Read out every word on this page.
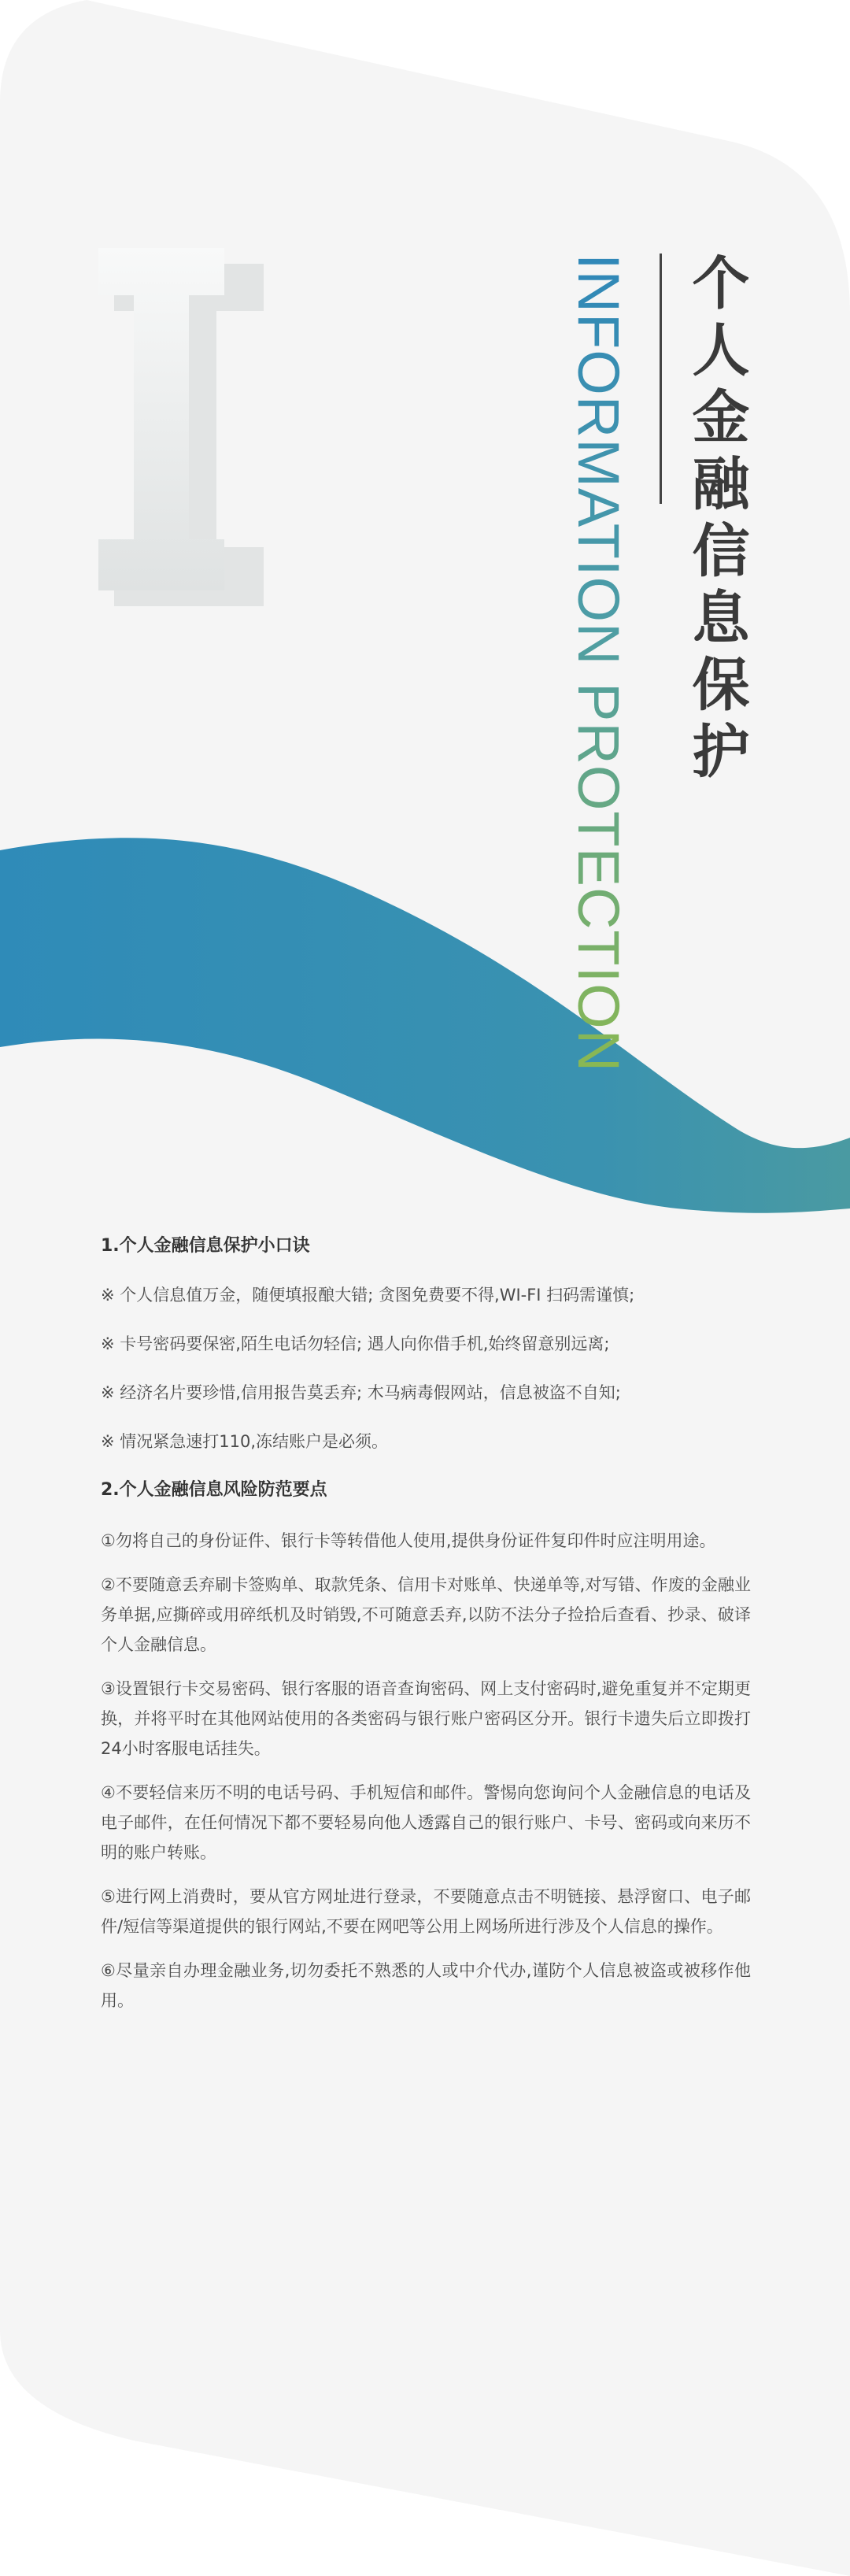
个人金融信息保护
INFORMATION PROTECTION
1.个人金融信息保护小口诀
※ 个人信息值万金，随便填报酿大错; 贪图免费要不得,WI-FI 扫码需谨慎;
※ 卡号密码要保密,陌生电话勿轻信; 遇人向你借手机,始终留意别远离;
※ 经济名片要珍惜,信用报告莫丢弃; 木马病毒假网站，信息被盗不自知;
※ 情况紧急速打110,冻结账户是必须。
2.个人金融信息风险防范要点
①勿将自己的身份证件、银行卡等转借他人使用,提供身份证件复印件时应注明用途。
②不要随意丢弃刷卡签购单、取款凭条、信用卡对账单、快递单等,对写错、作废的金融业务单据,应撕碎或用碎纸机及时销毁,不可随意丢弃,以防不法分子捡拾后查看、抄录、破译个人金融信息。
③设置银行卡交易密码、银行客服的语音查询密码、网上支付密码时,避免重复并不定期更换，并将平时在其他网站使用的各类密码与银行账户密码区分开。银行卡遗失后立即拨打24小时客服电话挂失。
④不要轻信来历不明的电话号码、手机短信和邮件。警惕向您询问个人金融信息的电话及电子邮件，在任何情况下都不要轻易向他人透露自己的银行账户、卡号、密码或向来历不明的账户转账。
⑤进行网上消费时，要从官方网址进行登录，不要随意点击不明链接、悬浮窗口、电子邮件/短信等渠道提供的银行网站,不要在网吧等公用上网场所进行涉及个人信息的操作。
⑥尽量亲自办理金融业务,切勿委托不熟悉的人或中介代办,谨防个人信息被盗或被移作他用。
